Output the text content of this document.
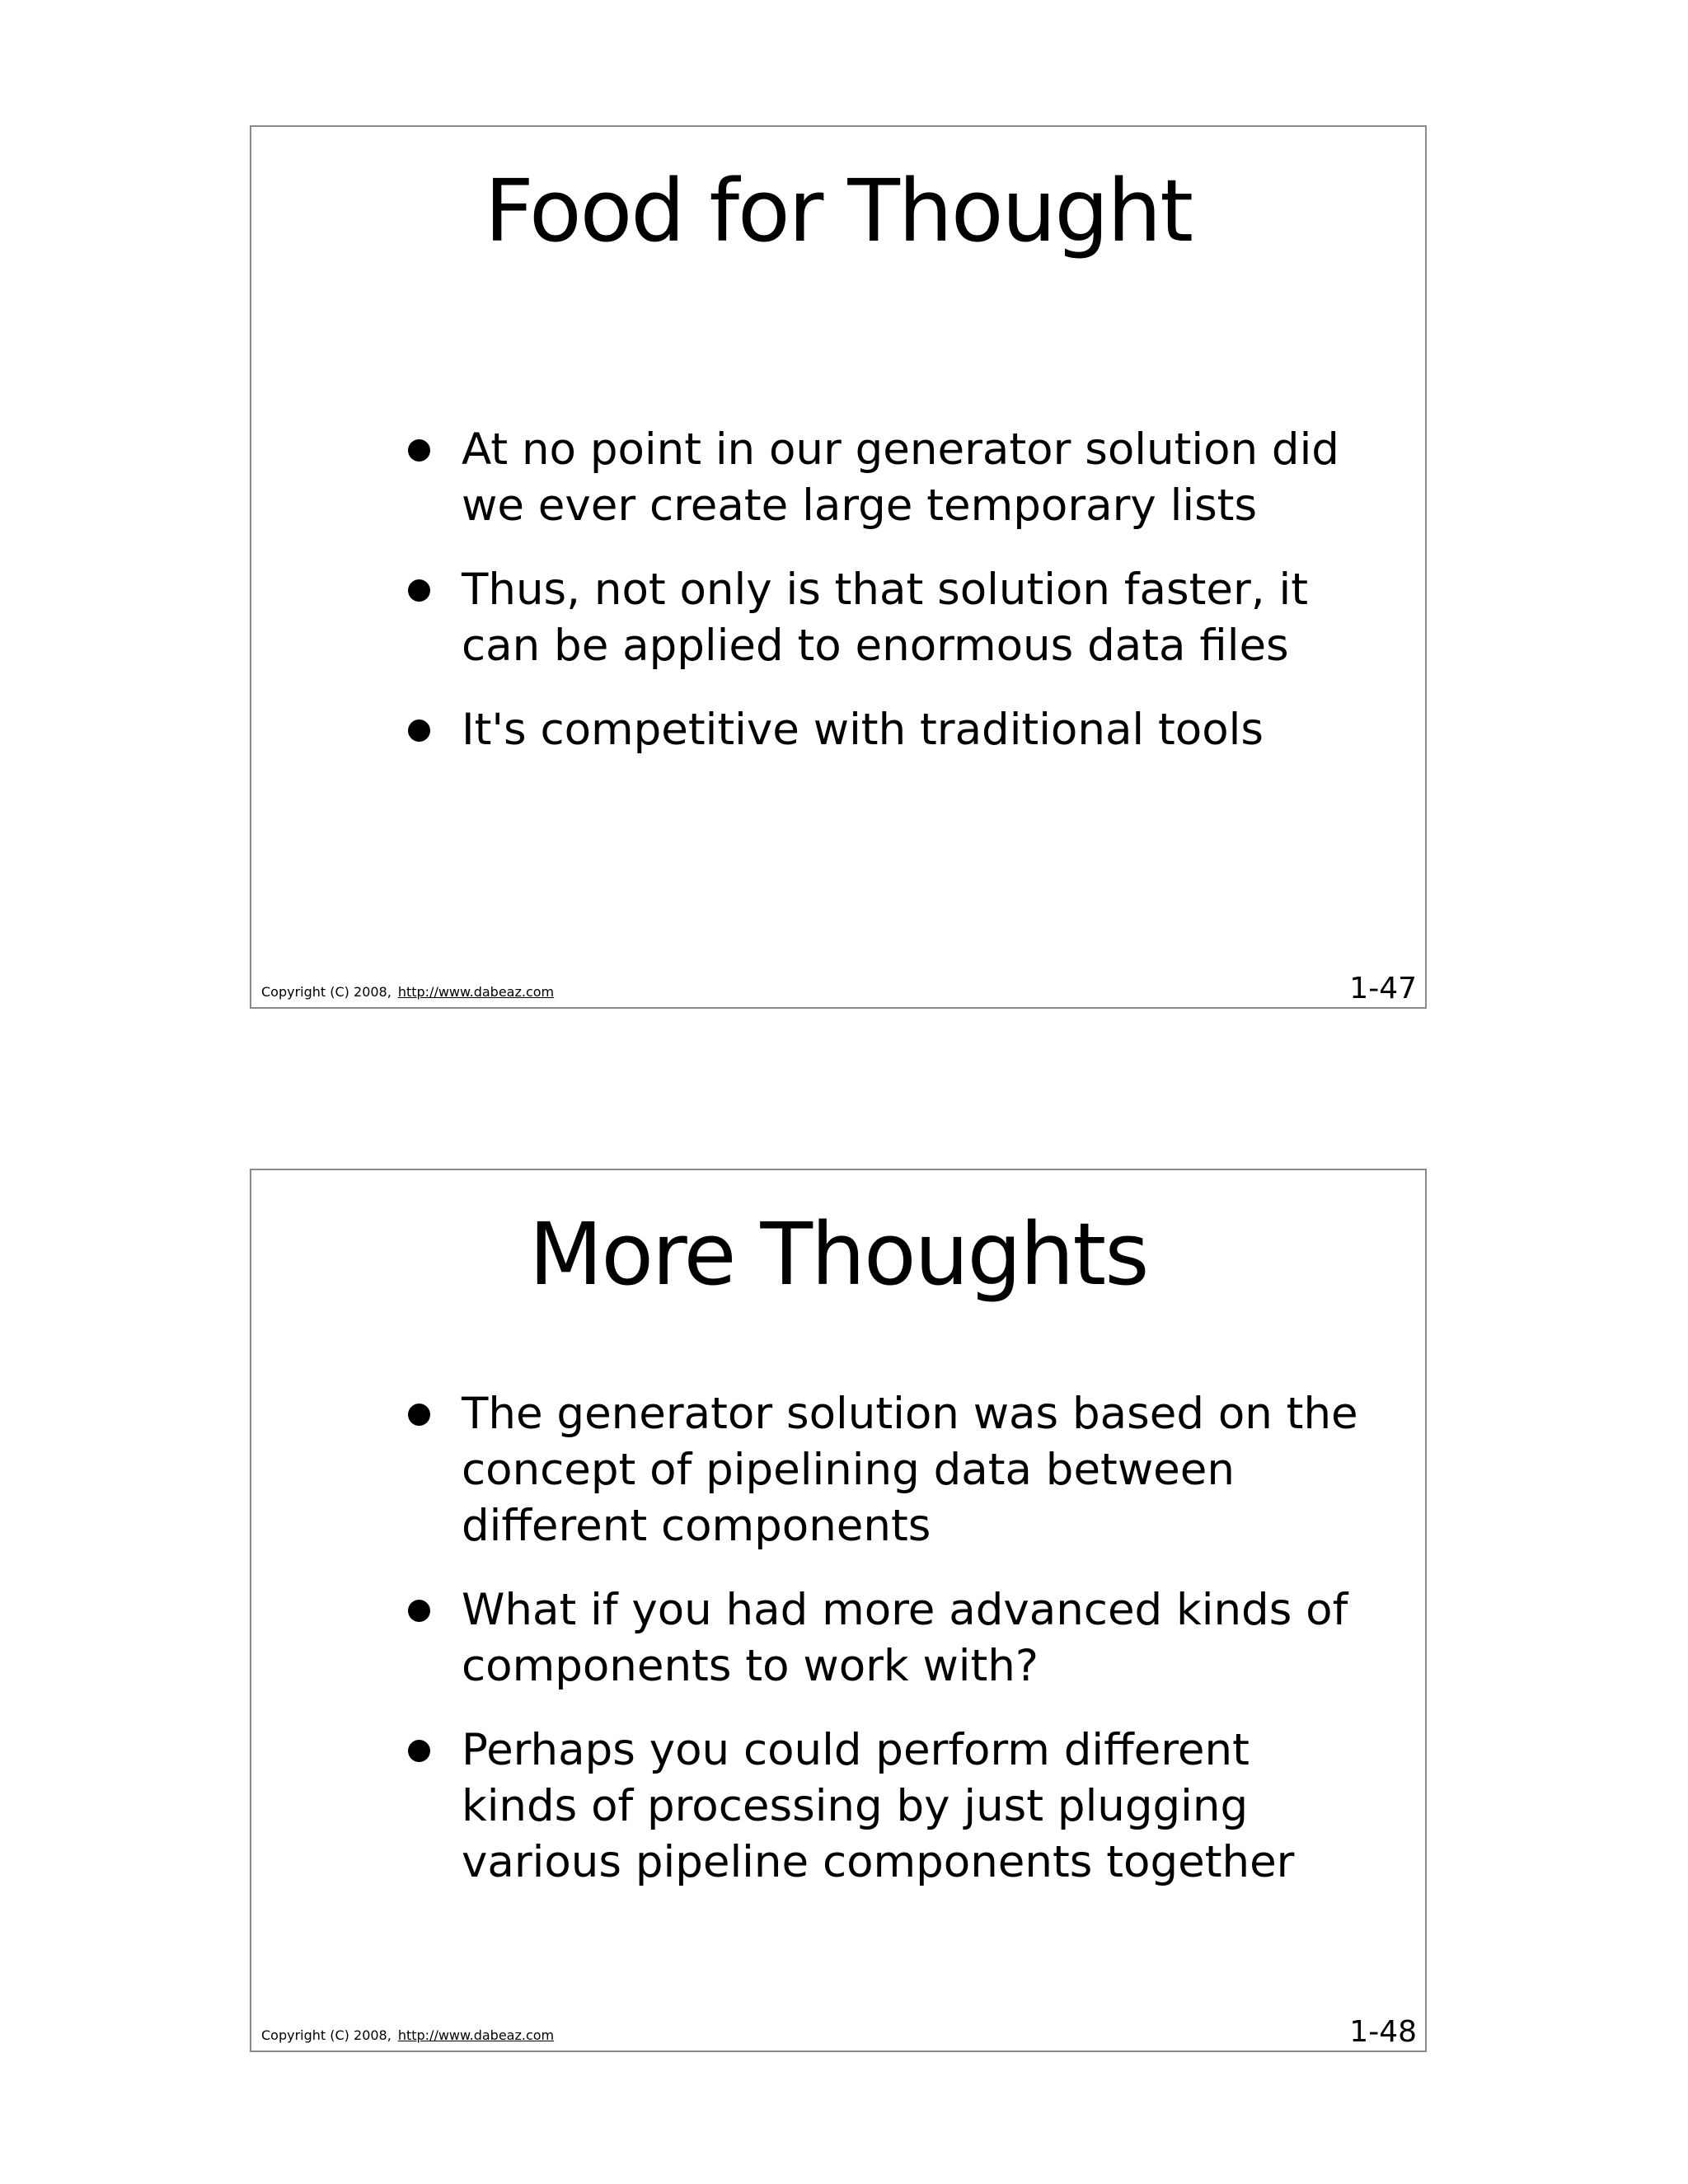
Food for Thought
At no point in our generator solution did we ever create large temporary lists
Thus, not only is that solution faster, it can be applied to enormous data files
It's competitive with traditional tools
Copyright (C) 2008, http://www.dabeaz.com	1-47
More Thoughts
The generator solution was based on the concept of pipelining data between different components
What if you had more advanced kinds of components to work with?
Perhaps you could perform different kinds of processing by just plugging various pipeline components together
Copyright (C) 2008, http://www.dabeaz.com	1-48
